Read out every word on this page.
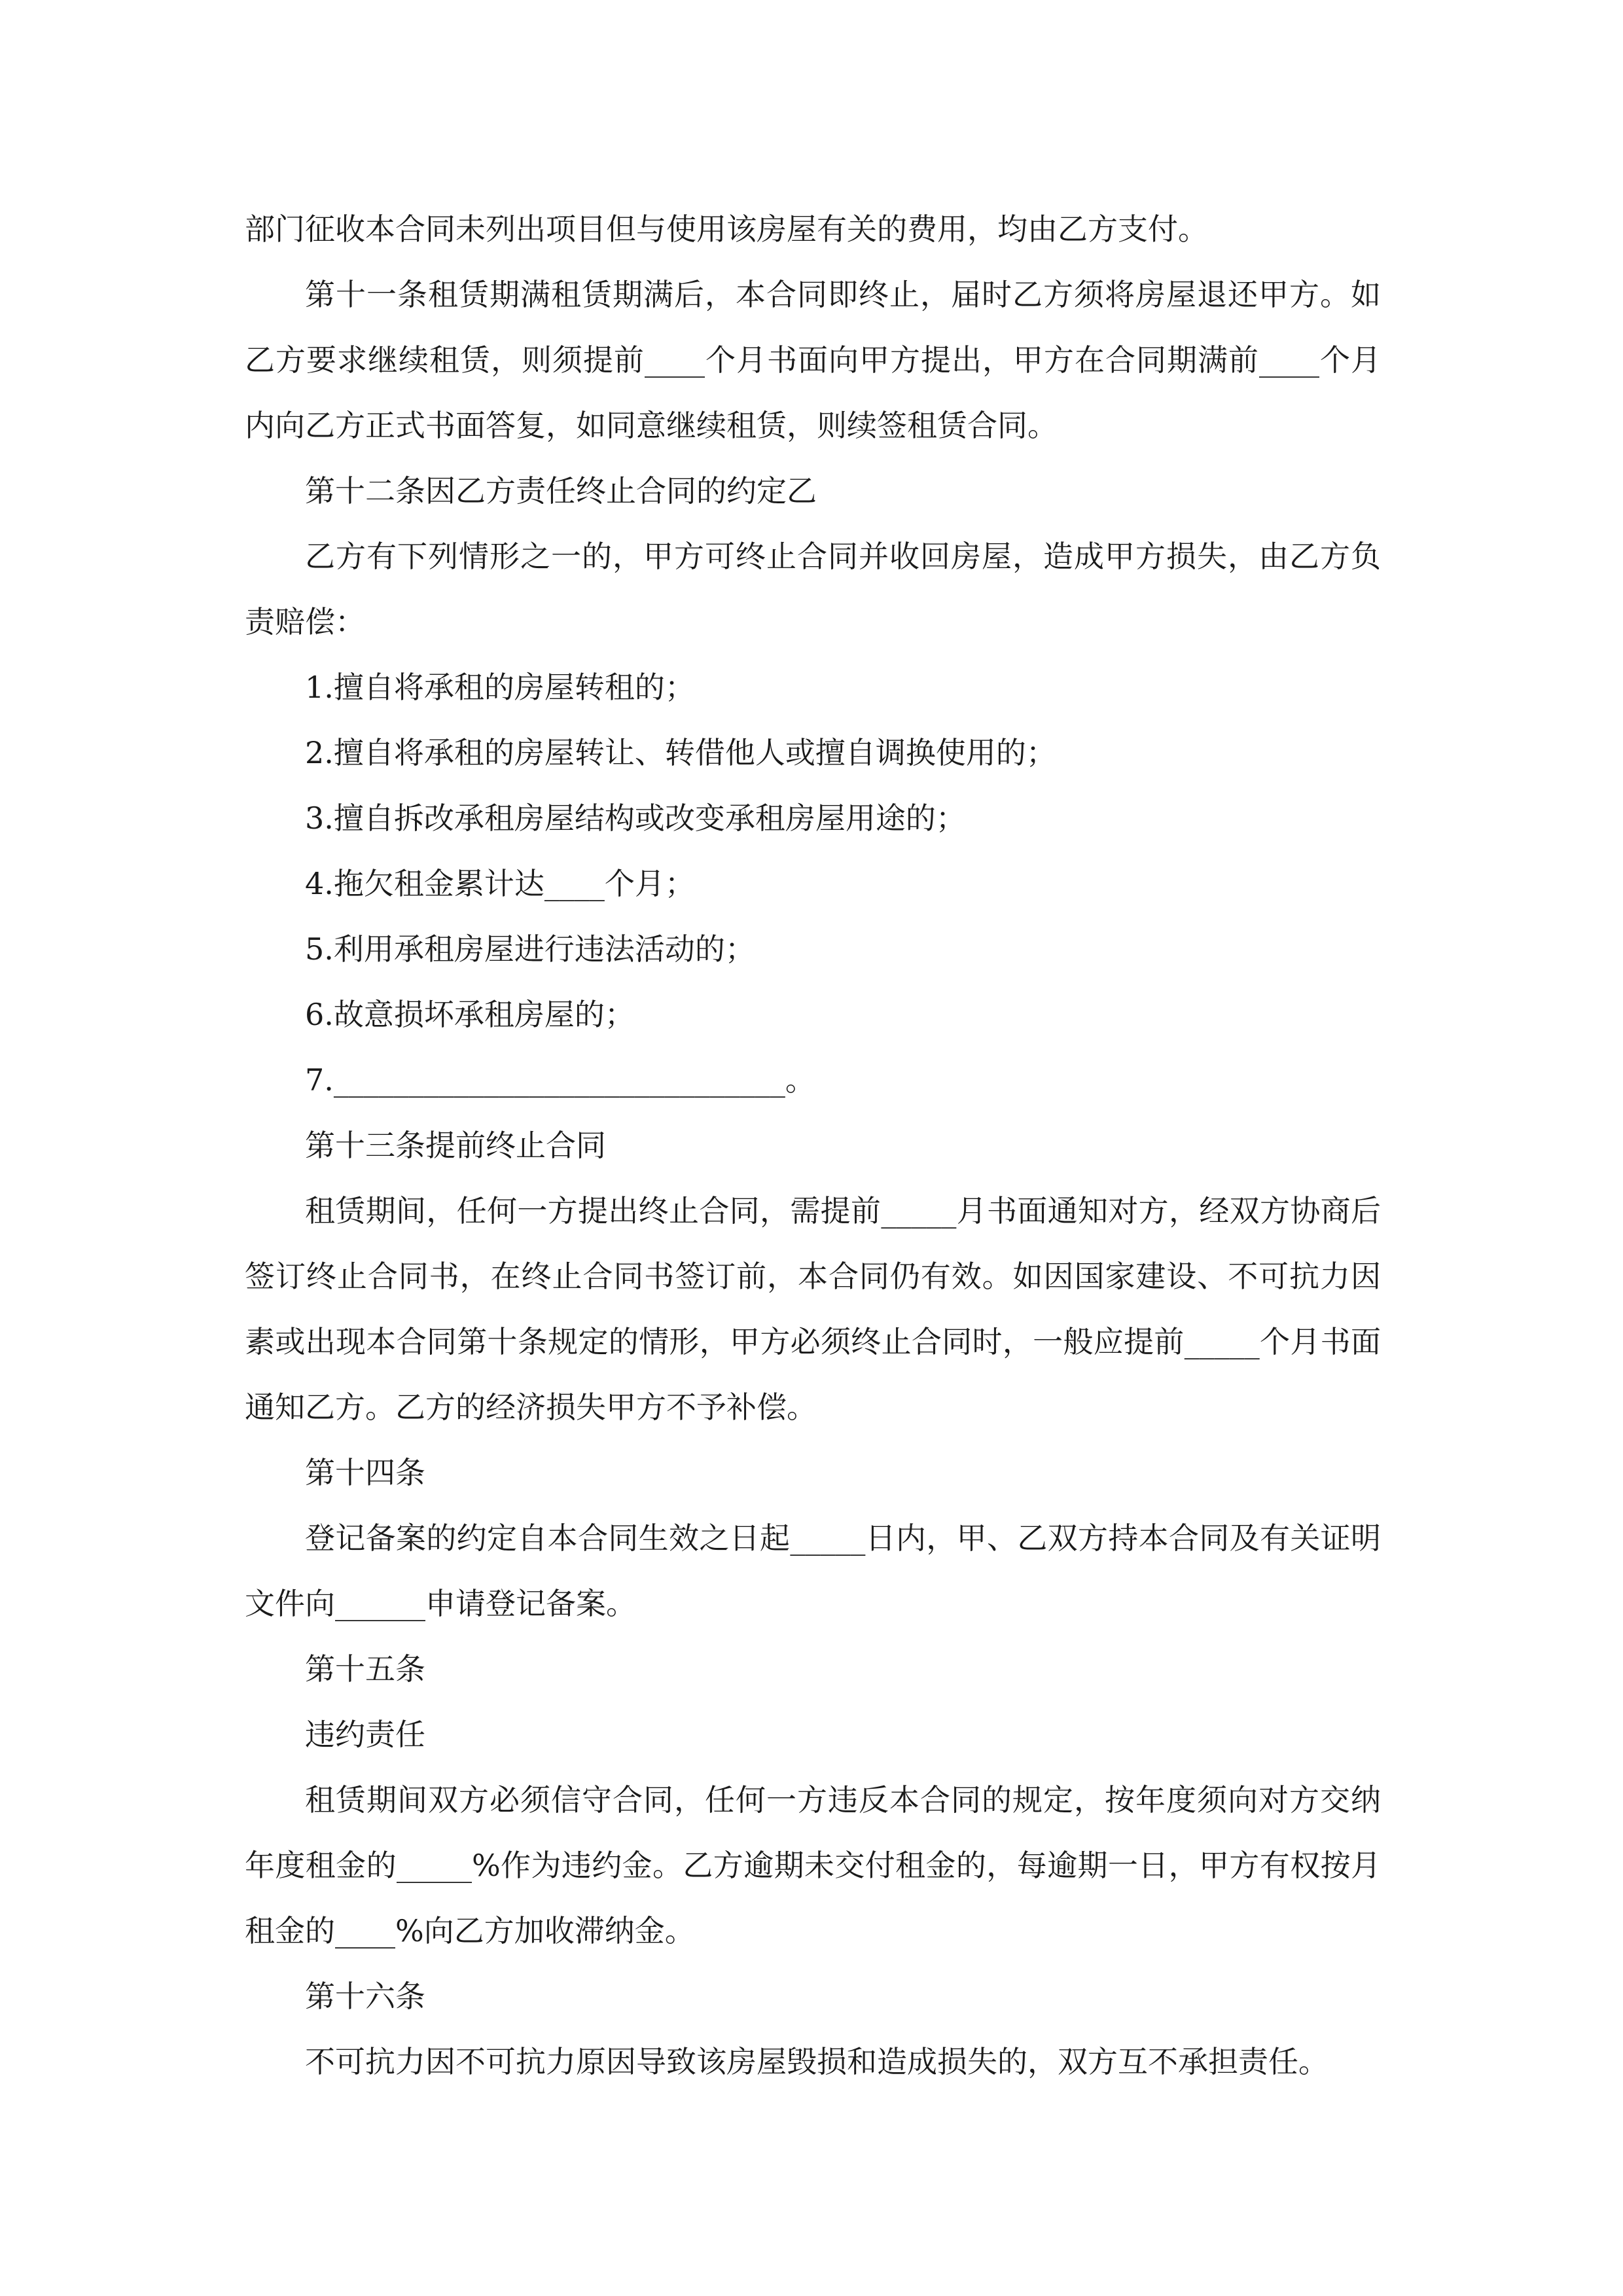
部门征收本合同未列出项目但与使用该房屋有关的费用，均由乙方支付。

第十一条租赁期满租赁期满后，本合同即终止，届时乙方须将房屋退还甲方。如乙方要求继续租赁，则须提前____个月书面向甲方提出，甲方在合同期满前____个月内向乙方正式书面答复，如同意继续租赁，则续签租赁合同。

第十二条因乙方责任终止合同的约定乙

乙方有下列情形之一的，甲方可终止合同并收回房屋，造成甲方损失，由乙方负责赔偿：

1.擅自将承租的房屋转租的；

2.擅自将承租的房屋转让、转借他人或擅自调换使用的；

3.擅自拆改承租房屋结构或改变承租房屋用途的；

4.拖欠租金累计达____个月；

5.利用承租房屋进行违法活动的；

6.故意损坏承租房屋的；

7.______________________________。

第十三条提前终止合同

租赁期间，任何一方提出终止合同，需提前_____月书面通知对方，经双方协商后签订终止合同书，在终止合同书签订前，本合同仍有效。如因国家建设、不可抗力因素或出现本合同第十条规定的情形，甲方必须终止合同时，一般应提前_____个月书面通知乙方。乙方的经济损失甲方不予补偿。

第十四条

登记备案的约定自本合同生效之日起_____日内，甲、乙双方持本合同及有关证明文件向______申请登记备案。

第十五条

违约责任

租赁期间双方必须信守合同，任何一方违反本合同的规定，按年度须向对方交纳年度租金的_____%作为违约金。乙方逾期未交付租金的，每逾期一日，甲方有权按月租金的____%向乙方加收滞纳金。

第十六条

不可抗力因不可抗力原因导致该房屋毁损和造成损失的，双方互不承担责任。
